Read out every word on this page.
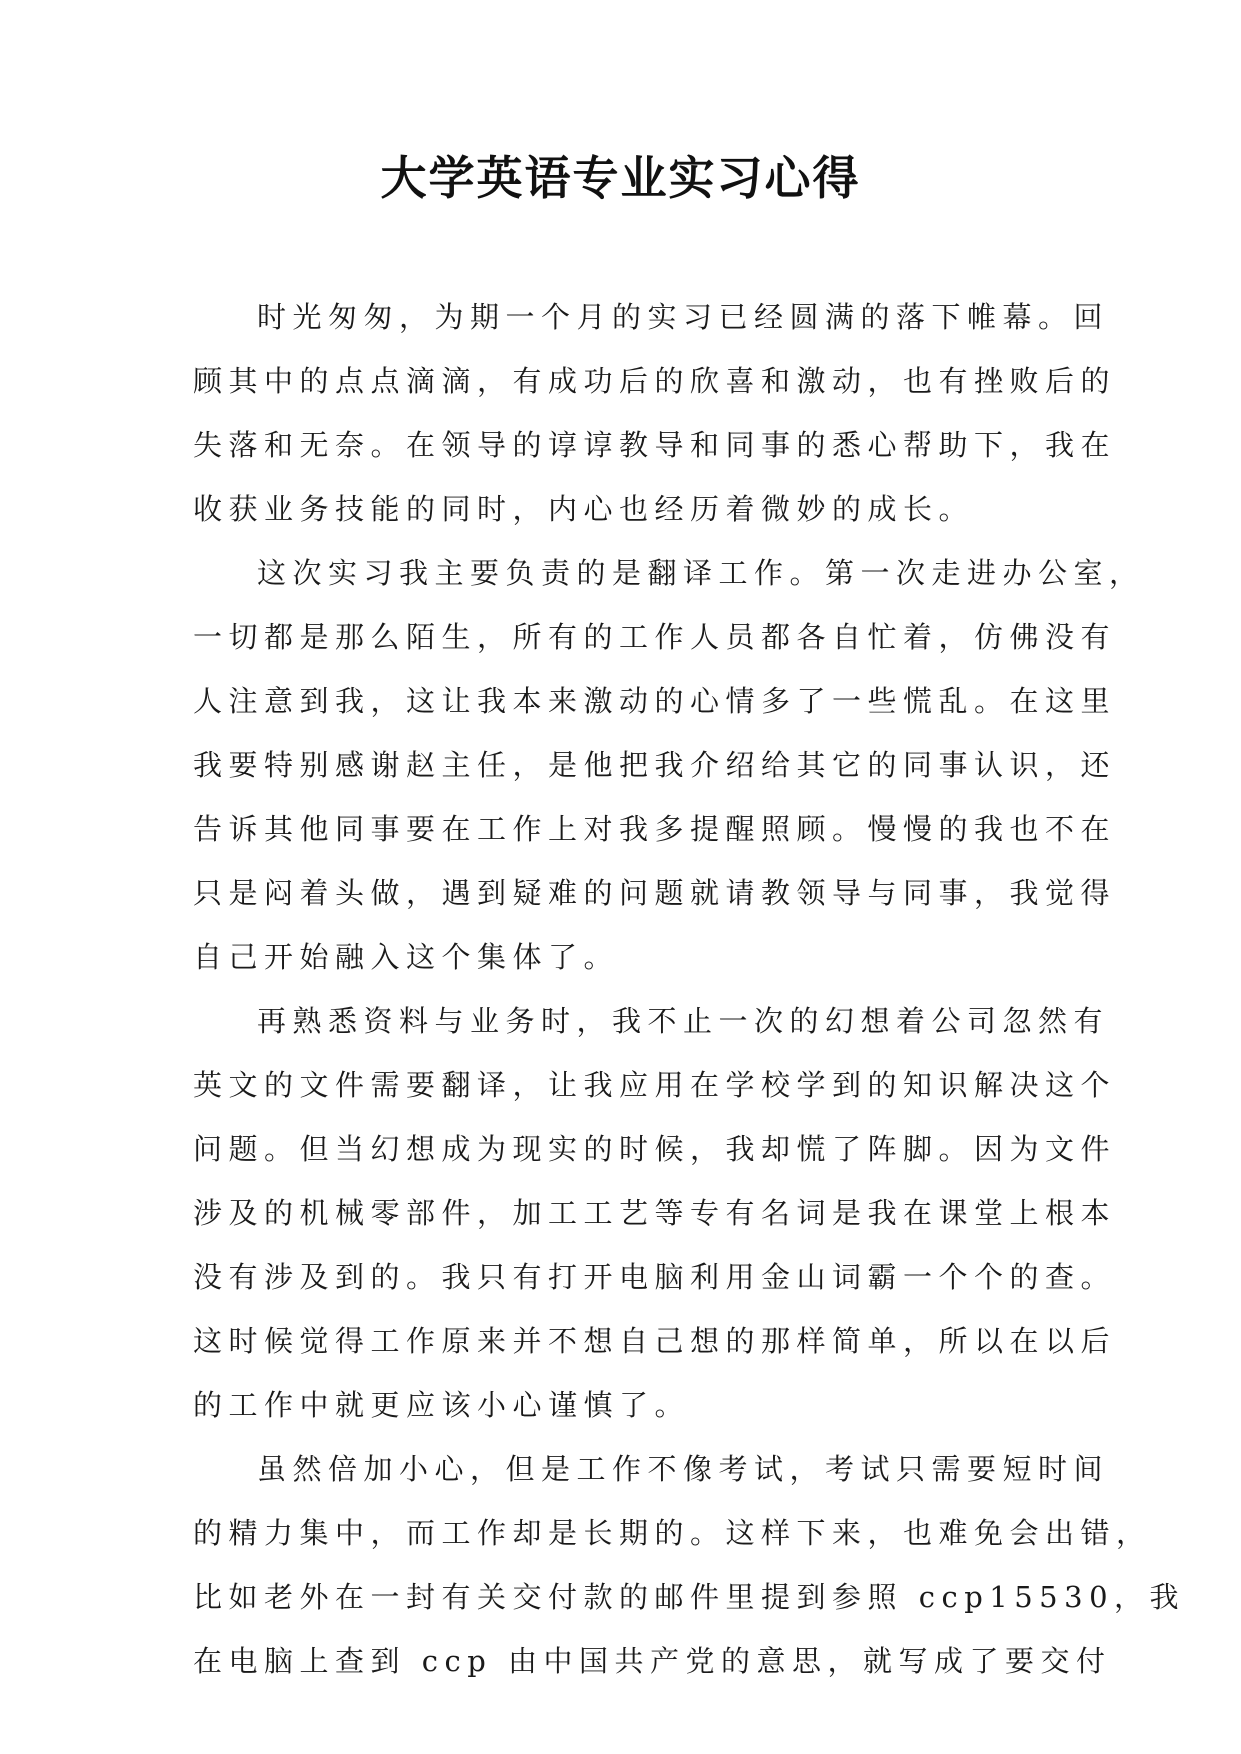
大学英语专业实习心得
时光匆匆，为期一个月的实习已经圆满的落下帷幕。回
顾其中的点点滴滴，有成功后的欣喜和激动，也有挫败后的
失落和无奈。在领导的谆谆教导和同事的悉心帮助下，我在
收获业务技能的同时，内心也经历着微妙的成长。
这次实习我主要负责的是翻译工作。第一次走进办公室，
一切都是那么陌生，所有的工作人员都各自忙着，仿佛没有
人注意到我，这让我本来激动的心情多了一些慌乱。在这里
我要特别感谢赵主任，是他把我介绍给其它的同事认识，还
告诉其他同事要在工作上对我多提醒照顾。慢慢的我也不在
只是闷着头做，遇到疑难的问题就请教领导与同事，我觉得
自己开始融入这个集体了。
再熟悉资料与业务时，我不止一次的幻想着公司忽然有
英文的文件需要翻译，让我应用在学校学到的知识解决这个
问题。但当幻想成为现实的时候，我却慌了阵脚。因为文件
涉及的机械零部件，加工工艺等专有名词是我在课堂上根本
没有涉及到的。我只有打开电脑利用金山词霸一个个的查。
这时候觉得工作原来并不想自己想的那样简单，所以在以后
的工作中就更应该小心谨慎了。
虽然倍加小心，但是工作不像考试，考试只需要短时间
的精力集中，而工作却是长期的。这样下来，也难免会出错，
比如老外在一封有关交付款的邮件里提到参照 ccp15530，我
在电脑上查到 ccp 由中国共产党的意思，就写成了要交付
